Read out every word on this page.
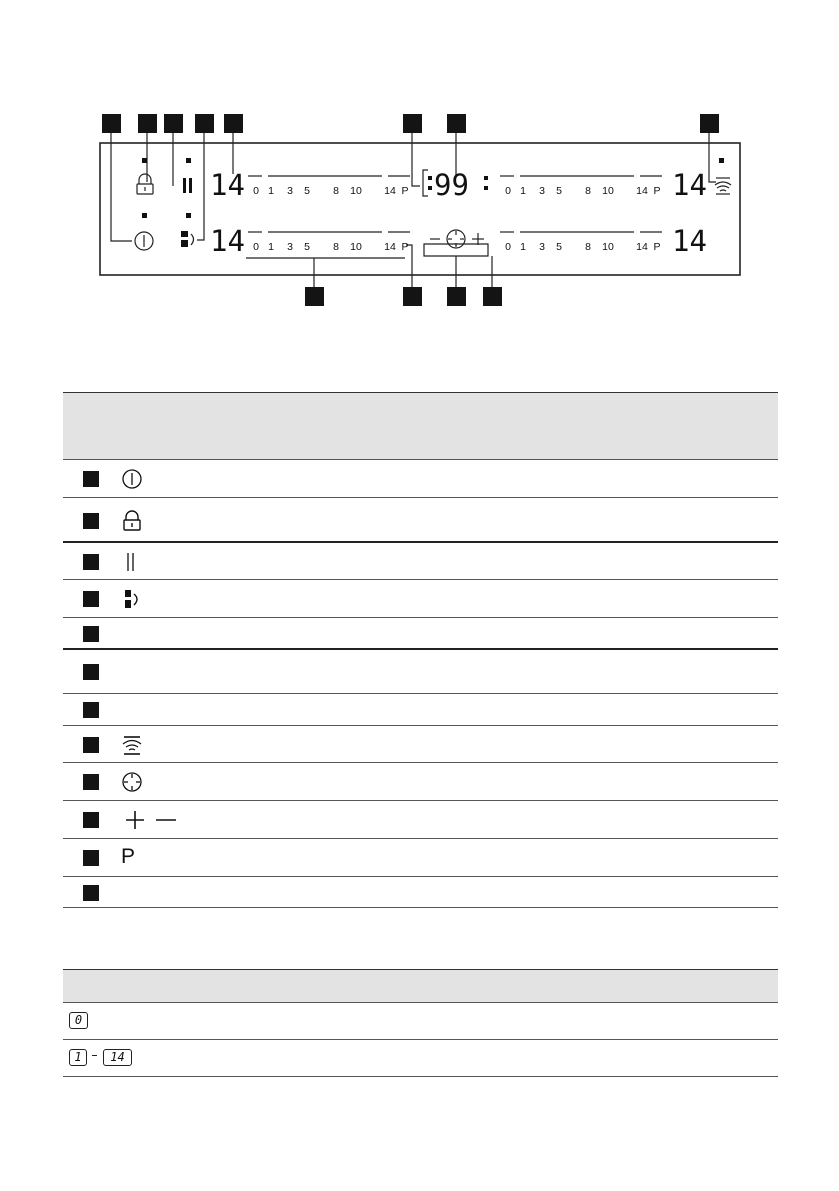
14
14
14
14
99
0 1 3 5 8 10 14 P
0 1 3 5 8 10 14 P
0 1 3 5 8 10 14 P
0 1 3 5 8 10 14 P
P
0
1	14
